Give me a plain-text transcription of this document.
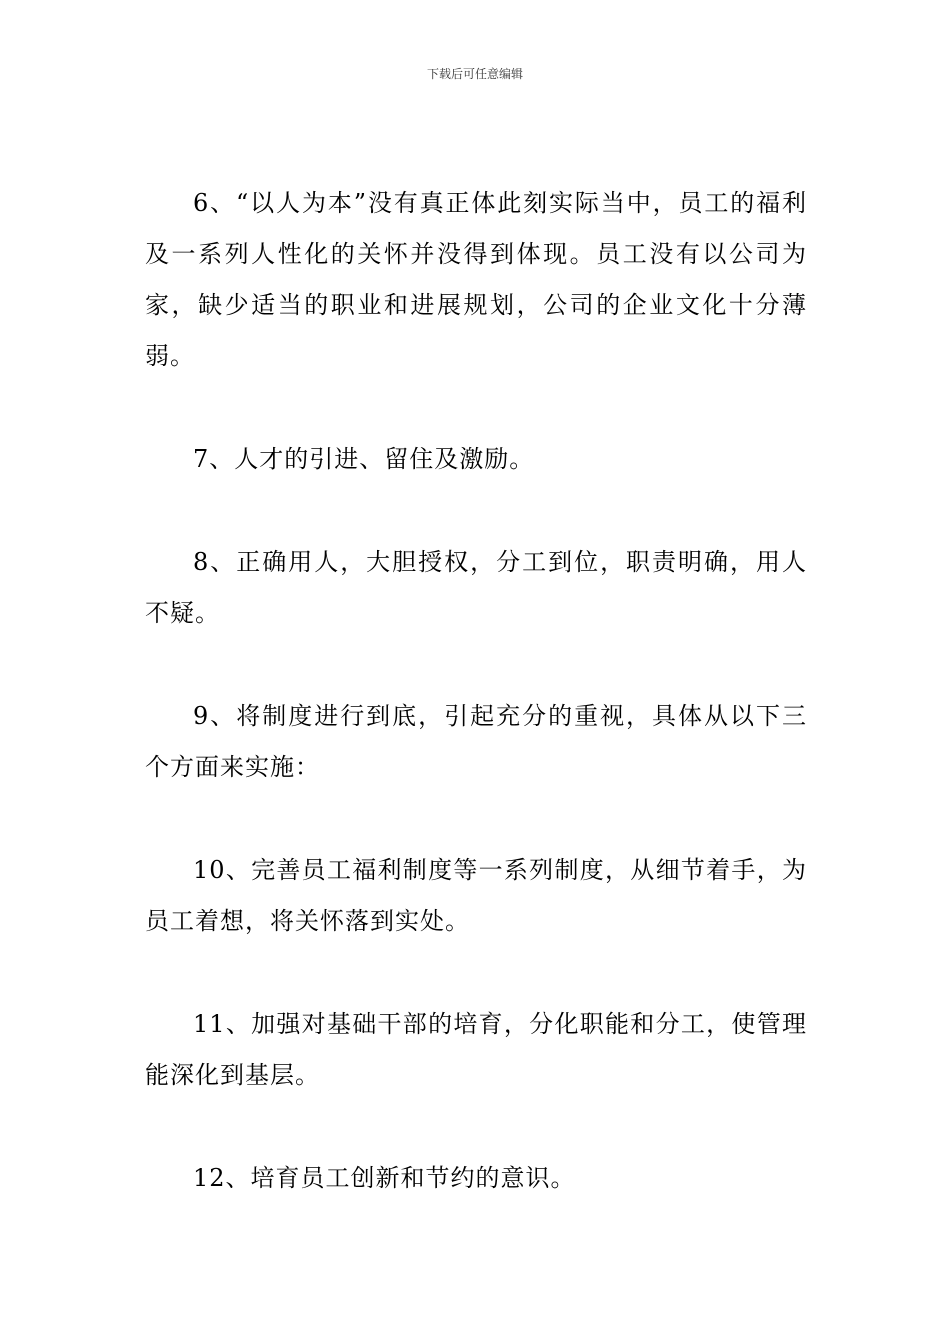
下载后可任意编辑

6、“以人为本”没有真正体此刻实际当中，员工的福利及一系列人性化的关怀并没得到体现。员工没有以公司为家，缺少适当的职业和进展规划，公司的企业文化十分薄弱。

7、人才的引进、留住及激励。

8、正确用人，大胆授权，分工到位，职责明确，用人不疑。

9、将制度进行到底，引起充分的重视，具体从以下三个方面来实施：

10、完善员工福利制度等一系列制度，从细节着手，为员工着想，将关怀落到实处。

11、加强对基础干部的培育，分化职能和分工，使管理能深化到基层。

12、培育员工创新和节约的意识。
